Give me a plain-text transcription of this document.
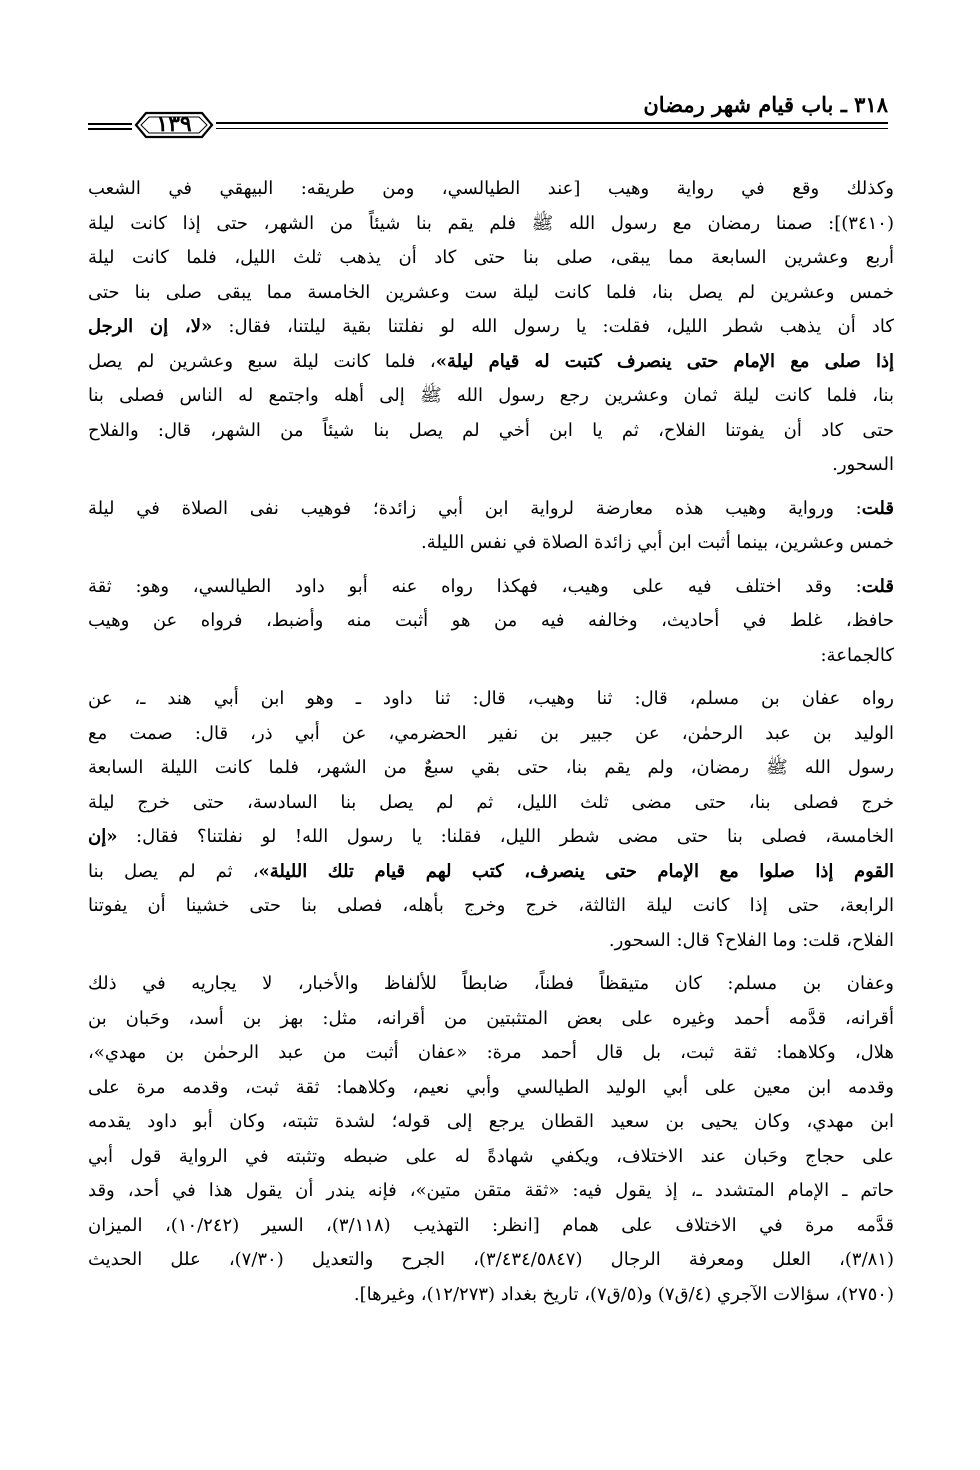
١٣٩
٣١٨ ـ باب قيام شهر رمضان
وكذلك وقع في رواية وهيب [عند الطيالسي، ومن طريقه: البيهقي في الشعب
(٣٤١٠)]: صمنا رمضان مع رسول الله ﷺ فلم يقم بنا شيئاً من الشهر، حتى إذا كانت ليلة
أربع وعشرين السابعة مما يبقى، صلى بنا حتى كاد أن يذهب ثلث الليل، فلما كانت ليلة
خمس وعشرين لم يصل بنا، فلما كانت ليلة ست وعشرين الخامسة مما يبقى صلى بنا حتى
كاد أن يذهب شطر الليل، فقلت: يا رسول الله لو نفلتنا بقية ليلتنا، فقال: «لا، إن الرجل
إذا صلى مع الإمام حتى ينصرف كتبت له قيام ليلة»، فلما كانت ليلة سبع وعشرين لم يصل
بنا، فلما كانت ليلة ثمان وعشرين رجع رسول الله ﷺ إلى أهله واجتمع له الناس فصلى بنا
حتى كاد أن يفوتنا الفلاح، ثم يا ابن أخي لم يصل بنا شيئاً من الشهر، قال: والفلاح
السحور.
قلت: ورواية وهيب هذه معارضة لرواية ابن أبي زائدة؛ فوهيب نفى الصلاة في ليلة
خمس وعشرين، بينما أثبت ابن أبي زائدة الصلاة في نفس الليلة.
قلت: وقد اختلف فيه على وهيب، فهكذا رواه عنه أبو داود الطيالسي، وهو: ثقة
حافظ، غلط في أحاديث، وخالفه فيه من هو أثبت منه وأضبط، فرواه عن وهيب
كالجماعة:
رواه عفان بن مسلم، قال: ثنا وهيب، قال: ثنا داود ـ وهو ابن أبي هند ـ، عن
الوليد بن عبد الرحمٰن، عن جبير بن نفير الحضرمي، عن أبي ذر، قال: صمت مع
رسول الله ﷺ رمضان، ولم يقم بنا، حتى بقي سبعٌ من الشهر، فلما كانت الليلة السابعة
خرج فصلى بنا، حتى مضى ثلث الليل، ثم لم يصل بنا السادسة، حتى خرج ليلة
الخامسة، فصلى بنا حتى مضى شطر الليل، فقلنا: يا رسول الله! لو نفلتنا؟ فقال: «إن
القوم إذا صلوا مع الإمام حتى ينصرف، كتب لهم قيام تلك الليلة»، ثم لم يصل بنا
الرابعة، حتى إذا كانت ليلة الثالثة، خرج وخرج بأهله، فصلى بنا حتى خشينا أن يفوتنا
الفلاح، قلت: وما الفلاح؟ قال: السحور.
وعفان بن مسلم: كان متيقظاً فطناً، ضابطاً للألفاظ والأخبار، لا يجاريه في ذلك
أقرانه، قدَّمه أحمد وغيره على بعض المتثبتين من أقرانه، مثل: بهز بن أسد، وحَبان بن
هلال، وكلاهما: ثقة ثبت، بل قال أحمد مرة: «عفان أثبت من عبد الرحمٰن بن مهدي»،
وقدمه ابن معين على أبي الوليد الطيالسي وأبي نعيم، وكلاهما: ثقة ثبت، وقدمه مرة على
ابن مهدي، وكان يحيى بن سعيد القطان يرجع إلى قوله؛ لشدة تثبته، وكان أبو داود يقدمه
على حجاج وحَبان عند الاختلاف، ويكفي شهادةً له على ضبطه وتثبته في الرواية قول أبي
حاتم ـ الإمام المتشدد ـ، إذ يقول فيه: «ثقة متقن متين»، فإنه يندر أن يقول هذا في أحد، وقد
قدَّمه مرة في الاختلاف على همام [انظر: التهذيب (٣/١١٨)، السير (١٠/٢٤٢)، الميزان
(٣/٨١)، العلل ومعرفة الرجال (٣/٤٣٤/٥٨٤٧)، الجرح والتعديل (٧/٣٠)، علل الحديث
(٢٧٥٠)، سؤالات الآجري (٤/ق٧) و(٥/ق٧)، تاريخ بغداد (١٢/٢٧٣)، وغيرها].
